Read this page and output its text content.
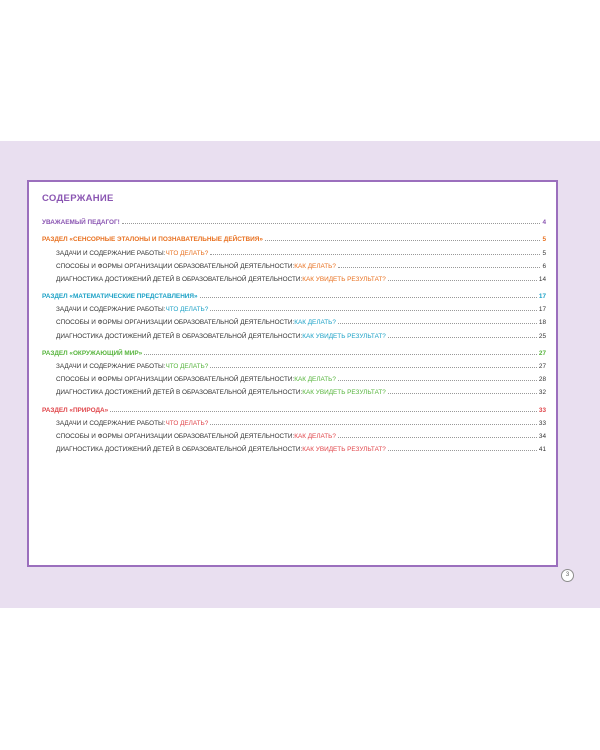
СОДЕРЖАНИЕ
УВАЖАЕМЫЙ ПЕДАГОГ!	4
РАЗДЕЛ «СЕНСОРНЫЕ ЭТАЛОНЫ И ПОЗНАВАТЕЛЬНЫЕ ДЕЙСТВИЯ»	5
ЗАДАЧИ И СОДЕРЖАНИЕ РАБОТЫ: ЧТО ДЕЛАТЬ?	5
СПОСОБЫ И ФОРМЫ ОРГАНИЗАЦИИ ОБРАЗОВАТЕЛЬНОЙ ДЕЯТЕЛЬНОСТИ: КАК ДЕЛАТЬ?	6
ДИАГНОСТИКА ДОСТИЖЕНИЙ ДЕТЕЙ В ОБРАЗОВАТЕЛЬНОЙ ДЕЯТЕЛЬНОСТИ: КАК УВИДЕТЬ РЕЗУЛЬТАТ?	14
РАЗДЕЛ «МАТЕМАТИЧЕСКИЕ ПРЕДСТАВЛЕНИЯ»	17
ЗАДАЧИ И СОДЕРЖАНИЕ РАБОТЫ: ЧТО ДЕЛАТЬ?	17
СПОСОБЫ И ФОРМЫ ОРГАНИЗАЦИИ ОБРАЗОВАТЕЛЬНОЙ ДЕЯТЕЛЬНОСТИ: КАК ДЕЛАТЬ?	18
ДИАГНОСТИКА ДОСТИЖЕНИЙ ДЕТЕЙ В ОБРАЗОВАТЕЛЬНОЙ ДЕЯТЕЛЬНОСТИ: КАК УВИДЕТЬ РЕЗУЛЬТАТ?	25
РАЗДЕЛ «ОКРУЖАЮЩИЙ МИР»	27
ЗАДАЧИ И СОДЕРЖАНИЕ РАБОТЫ: ЧТО ДЕЛАТЬ?	27
СПОСОБЫ И ФОРМЫ ОРГАНИЗАЦИИ ОБРАЗОВАТЕЛЬНОЙ ДЕЯТЕЛЬНОСТИ: КАК ДЕЛАТЬ?	28
ДИАГНОСТИКА ДОСТИЖЕНИЙ ДЕТЕЙ В ОБРАЗОВАТЕЛЬНОЙ ДЕЯТЕЛЬНОСТИ: КАК УВИДЕТЬ РЕЗУЛЬТАТ?	32
РАЗДЕЛ «ПРИРОДА»	33
ЗАДАЧИ И СОДЕРЖАНИЕ РАБОТЫ: ЧТО ДЕЛАТЬ?	33
СПОСОБЫ И ФОРМЫ ОРГАНИЗАЦИИ ОБРАЗОВАТЕЛЬНОЙ ДЕЯТЕЛЬНОСТИ: КАК ДЕЛАТЬ?	34
ДИАГНОСТИКА ДОСТИЖЕНИЙ ДЕТЕЙ В ОБРАЗОВАТЕЛЬНОЙ ДЕЯТЕЛЬНОСТИ: КАК УВИДЕТЬ РЕЗУЛЬТАТ?	41
3
